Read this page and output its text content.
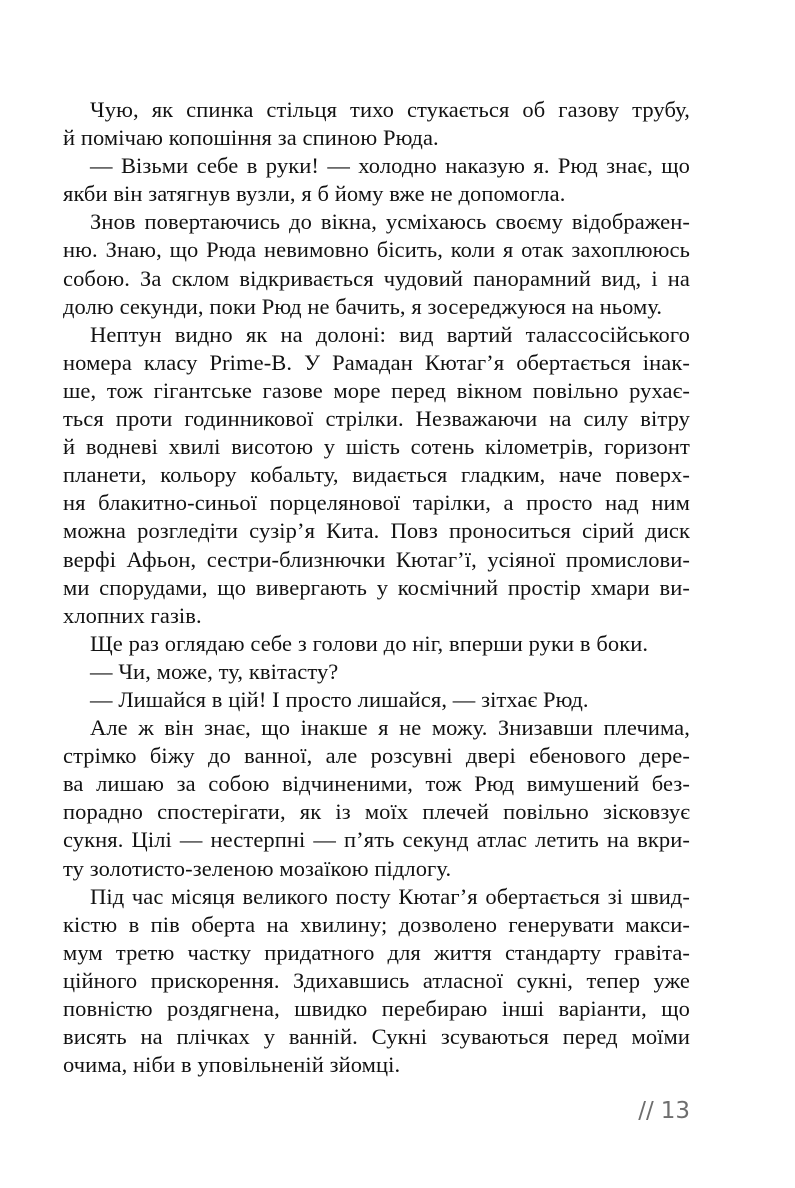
Чую, як спинка стільця тихо стукається об газову трубу,
й помічаю копошіння за спиною Рюда.
— Візьми себе в руки! — холодно наказую я. Рюд знає, що
якби він затягнув вузли, я б йому вже не допомогла.
Знов повертаючись до вікна, усміхаюсь своєму відображен-
ню. Знаю, що Рюда невимовно бісить, коли я отак захоплююсь
собою. За склом відкривається чудовий панорамний вид, і на
долю секунди, поки Рюд не бачить, я зосереджуюся на ньому.
Нептун видно як на долоні: вид вартий талассосійського
номера класу Prime-B. У Рамадан Кютаг’я обертається інак-
ше, тож гігантське газове море перед вікном повільно рухає-
ться проти годинникової стрілки. Незважаючи на силу вітру
й водневі хвилі висотою у шість сотень кілометрів, горизонт
планети, кольору кобальту, видається гладким, наче поверх-
ня блакитно-синьої порцелянової тарілки, а просто над ним
можна розгледіти сузір’я Кита. Повз проноситься сірий диск
верфі Афьон, сестри-близнючки Кютаг’ї, усіяної промислови-
ми спорудами, що вивергають у космічний простір хмари ви-
хлопних газів.
Ще раз оглядаю себе з голови до ніг, вперши руки в боки.
— Чи, може, ту, квітасту?
— Лишайся в цій! І просто лишайся, — зітхає Рюд.
Але ж він знає, що інакше я не можу. Знизавши плечима,
стрімко біжу до ванної, але розсувні двері ебенового дере-
ва лишаю за собою відчиненими, тож Рюд вимушений без-
порадно спостерігати, як із моїх плечей повільно зісковзує
сукня. Цілі — нестерпні — п’ять секунд атлас летить на вкри-
ту золотисто-зеленою мозаїкою підлогу.
Під час місяця великого посту Кютаг’я обертається зі швид-
кістю в пів оберта на хвилину; дозволено генерувати макси-
мум третю частку придатного для життя стандарту гравіта-
ційного прискорення. Здихавшись атласної сукні, тепер уже
повністю роздягнена, швидко перебираю інші варіанти, що
висять на плічках у ванній. Сукні зсуваються перед моїми
очима, ніби в уповільненій зйомці.
// 13
